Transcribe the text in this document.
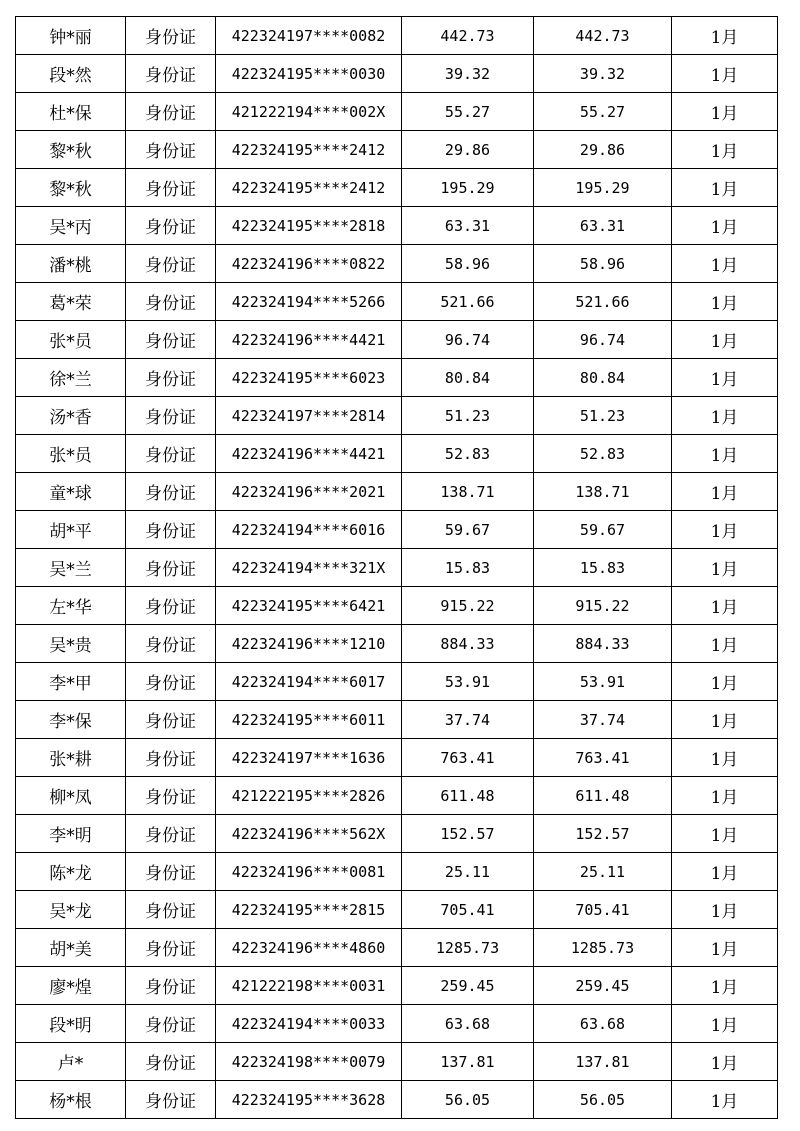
钟*丽	身份证	422324197****0082	442.73	442.73	1月
段*然	身份证	422324195****0030	39.32	39.32	1月
杜*保	身份证	421222194****002X	55.27	55.27	1月
黎*秋	身份证	422324195****2412	29.86	29.86	1月
黎*秋	身份证	422324195****2412	195.29	195.29	1月
吴*丙	身份证	422324195****2818	63.31	63.31	1月
潘*桃	身份证	422324196****0822	58.96	58.96	1月
葛*荣	身份证	422324194****5266	521.66	521.66	1月
张*员	身份证	422324196****4421	96.74	96.74	1月
徐*兰	身份证	422324195****6023	80.84	80.84	1月
汤*香	身份证	422324197****2814	51.23	51.23	1月
张*员	身份证	422324196****4421	52.83	52.83	1月
童*球	身份证	422324196****2021	138.71	138.71	1月
胡*平	身份证	422324194****6016	59.67	59.67	1月
吴*兰	身份证	422324194****321X	15.83	15.83	1月
左*华	身份证	422324195****6421	915.22	915.22	1月
吴*贵	身份证	422324196****1210	884.33	884.33	1月
李*甲	身份证	422324194****6017	53.91	53.91	1月
李*保	身份证	422324195****6011	37.74	37.74	1月
张*耕	身份证	422324197****1636	763.41	763.41	1月
柳*凤	身份证	421222195****2826	611.48	611.48	1月
李*明	身份证	422324196****562X	152.57	152.57	1月
陈*龙	身份证	422324196****0081	25.11	25.11	1月
吴*龙	身份证	422324195****2815	705.41	705.41	1月
胡*美	身份证	422324196****4860	1285.73	1285.73	1月
廖*煌	身份证	421222198****0031	259.45	259.45	1月
段*明	身份证	422324194****0033	63.68	63.68	1月
卢*	身份证	422324198****0079	137.81	137.81	1月
杨*根	身份证	422324195****3628	56.05	56.05	1月
